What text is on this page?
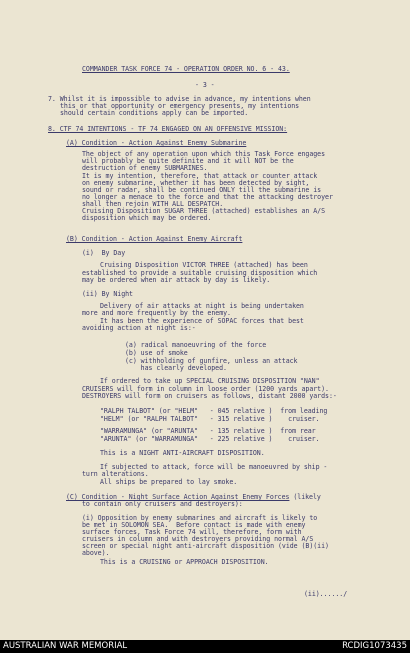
COMMANDER TASK FORCE 74 - OPERATION ORDER NO. 6 - 43.
- 3 -
7. Whilst it is impossible to advise in advance, my intentions when
this or that opportunity or emergency presents, my intentions
should certain conditions apply can be imported.
8. CTF 74 INTENTIONS - TF 74 ENGAGED ON AN OFFENSIVE MISSION:
(A) Condition - Action Against Enemy Submarine
The object of any operation upon which this Task Force engages
will probably be quite definite and it will NOT be the
destruction of enemy SUBMARINES.
It is my intention, therefore, that attack or counter attack
on enemy submarine, whether it has been detected by sight,
sound or radar, shall be continued ONLY till the submarine is
no longer a menace to the force and that the attacking destroyer
shall then rejoin WITH ALL DESPATCH.
Cruising Disposition SUGAR THREE (attached) establishes an A/S
disposition which may be ordered.
(B) Condition - Action Against Enemy Aircraft
(i)  By Day
Cruising Disposition VICTOR THREE (attached) has been
established to provide a suitable cruising disposition which
may be ordered when air attack by day is likely.
(ii) By Night
Delivery of air attacks at night is being undertaken
more and more frequently by the enemy.
It has been the experience of SOPAC forces that best
avoiding action at night is:-
(a) radical manoeuvring of the force
(b) use of smoke
(c) withholding of gunfire, unless an attack
has clearly developed.
If ordered to take up SPECIAL CRUISING DISPOSITION "NAN"
CRUISERS will form in column in loose order (1200 yards apart).
DESTROYERS will form on cruisers as follows, distant 2000 yards:-
"RALPH TALBOT" (or "HELM"   - 045 relative )  from leading
"HELM" (or "RALPH TALBOT"   - 315 relative )    cruiser.
"WARRAMUNGA" (or "ARUNTA"   - 135 relative )  from rear
"ARUNTA" (or "WARRAMUNGA"   - 225 relative )    cruiser.
This is a NIGHT ANTI-AIRCRAFT DISPOSITION.
If subjected to attack, force will be manoeuvred by ship -
turn alterations.
All ships be prepared to lay smoke.
(C) Condition - Night Surface Action Against Enemy Forces (likely
to contain only cruisers and destroyers):
(i) Opposition by enemy submarines and aircraft is likely to
be met in SOLOMON SEA.  Before contact is made with enemy
surface forces, Task Force 74 will, therefore, form with
cruisers in column and with destroyers providing normal A/S
screen or special night anti-aircraft disposition (vide (B)(ii)
above).
This is a CRUISING or APPROACH DISPOSITION.
(ii)....../
AUSTRALIAN WAR MEMORIAL	RCDIG1073435
